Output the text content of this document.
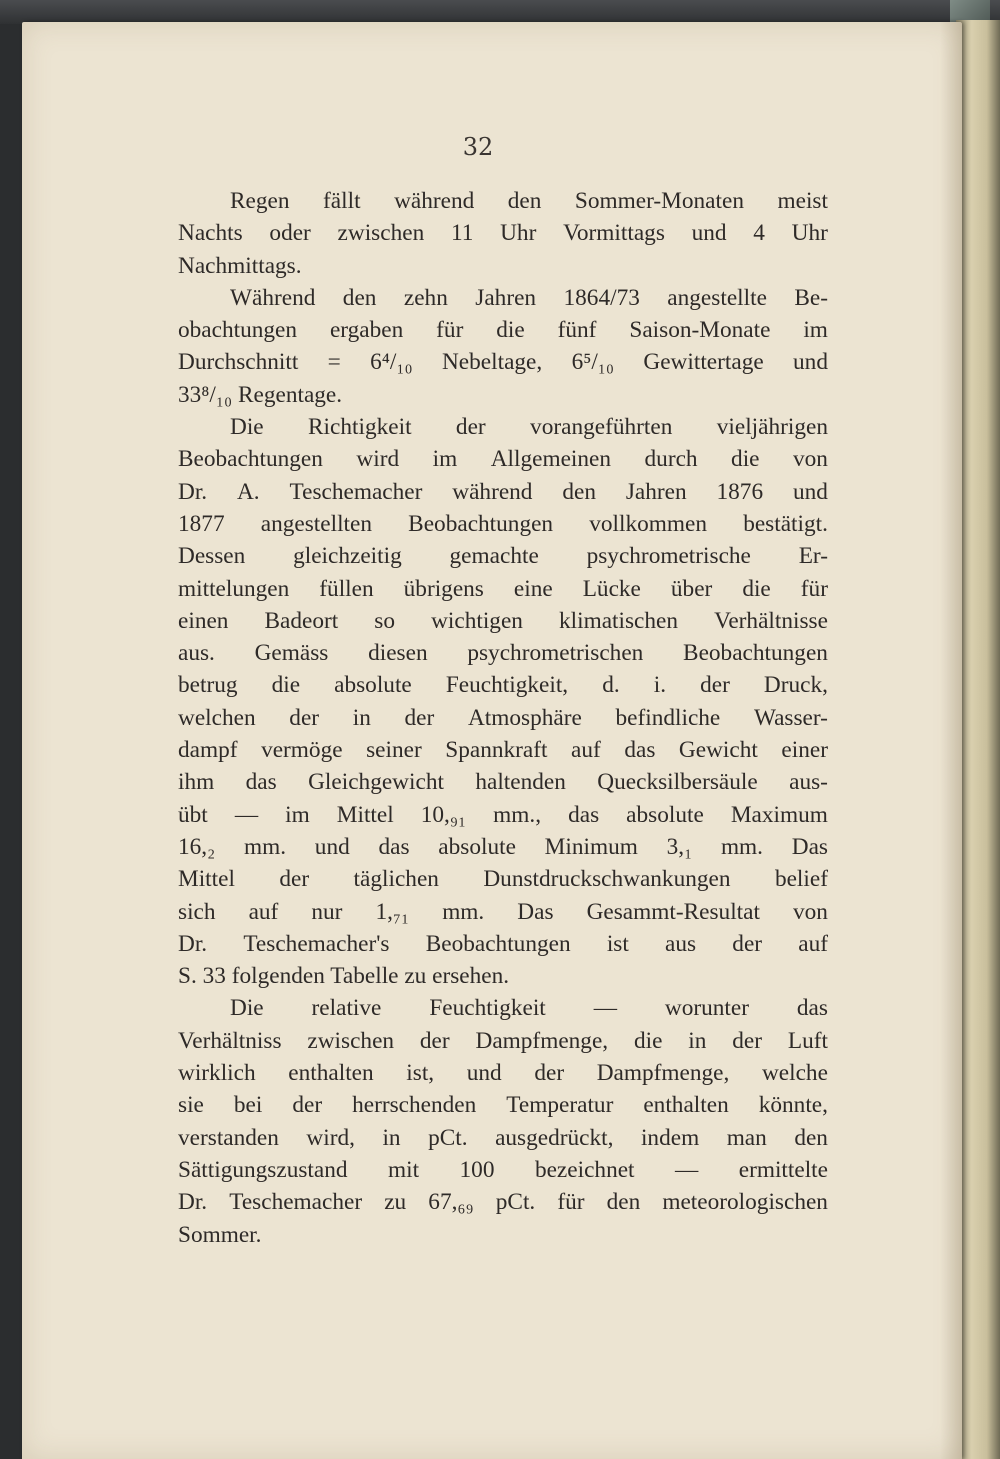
32
Regen fällt während den Sommer-Monaten meist
Nachts oder zwischen 11 Uhr Vormittags und 4 Uhr
Nachmittags.
Während den zehn Jahren 1864/73 angestellte Be-
obachtungen ergaben für die fünf Saison-Monate im
Durchschnitt = 6⁴/₁₀ Nebeltage, 6⁵/₁₀ Gewittertage und
33⁸/₁₀ Regentage.
Die Richtigkeit der vorangeführten vieljährigen
Beobachtungen wird im Allgemeinen durch die von
Dr. A. Teschemacher während den Jahren 1876 und
1877 angestellten Beobachtungen vollkommen bestätigt.
Dessen gleichzeitig gemachte psychrometrische Er-
mittelungen füllen übrigens eine Lücke über die für
einen Badeort so wichtigen klimatischen Verhältnisse
aus. Gemäss diesen psychrometrischen Beobachtungen
betrug die absolute Feuchtigkeit, d. i. der Druck,
welchen der in der Atmosphäre befindliche Wasser-
dampf vermöge seiner Spannkraft auf das Gewicht einer
ihm das Gleichgewicht haltenden Quecksilbersäule aus-
übt — im Mittel 10,₉₁ mm., das absolute Maximum
16,₂ mm. und das absolute Minimum 3,₁ mm. Das
Mittel der täglichen Dunstdruckschwankungen belief
sich auf nur 1,₇₁ mm. Das Gesammt-Resultat von
Dr. Teschemacher's Beobachtungen ist aus der auf
S. 33 folgenden Tabelle zu ersehen.
Die relative Feuchtigkeit — worunter das
Verhältniss zwischen der Dampfmenge, die in der Luft
wirklich enthalten ist, und der Dampfmenge, welche
sie bei der herrschenden Temperatur enthalten könnte,
verstanden wird, in pCt. ausgedrückt, indem man den
Sättigungszustand mit 100 bezeichnet — ermittelte
Dr. Teschemacher zu 67,₆₉ pCt. für den meteorologischen
Sommer.
